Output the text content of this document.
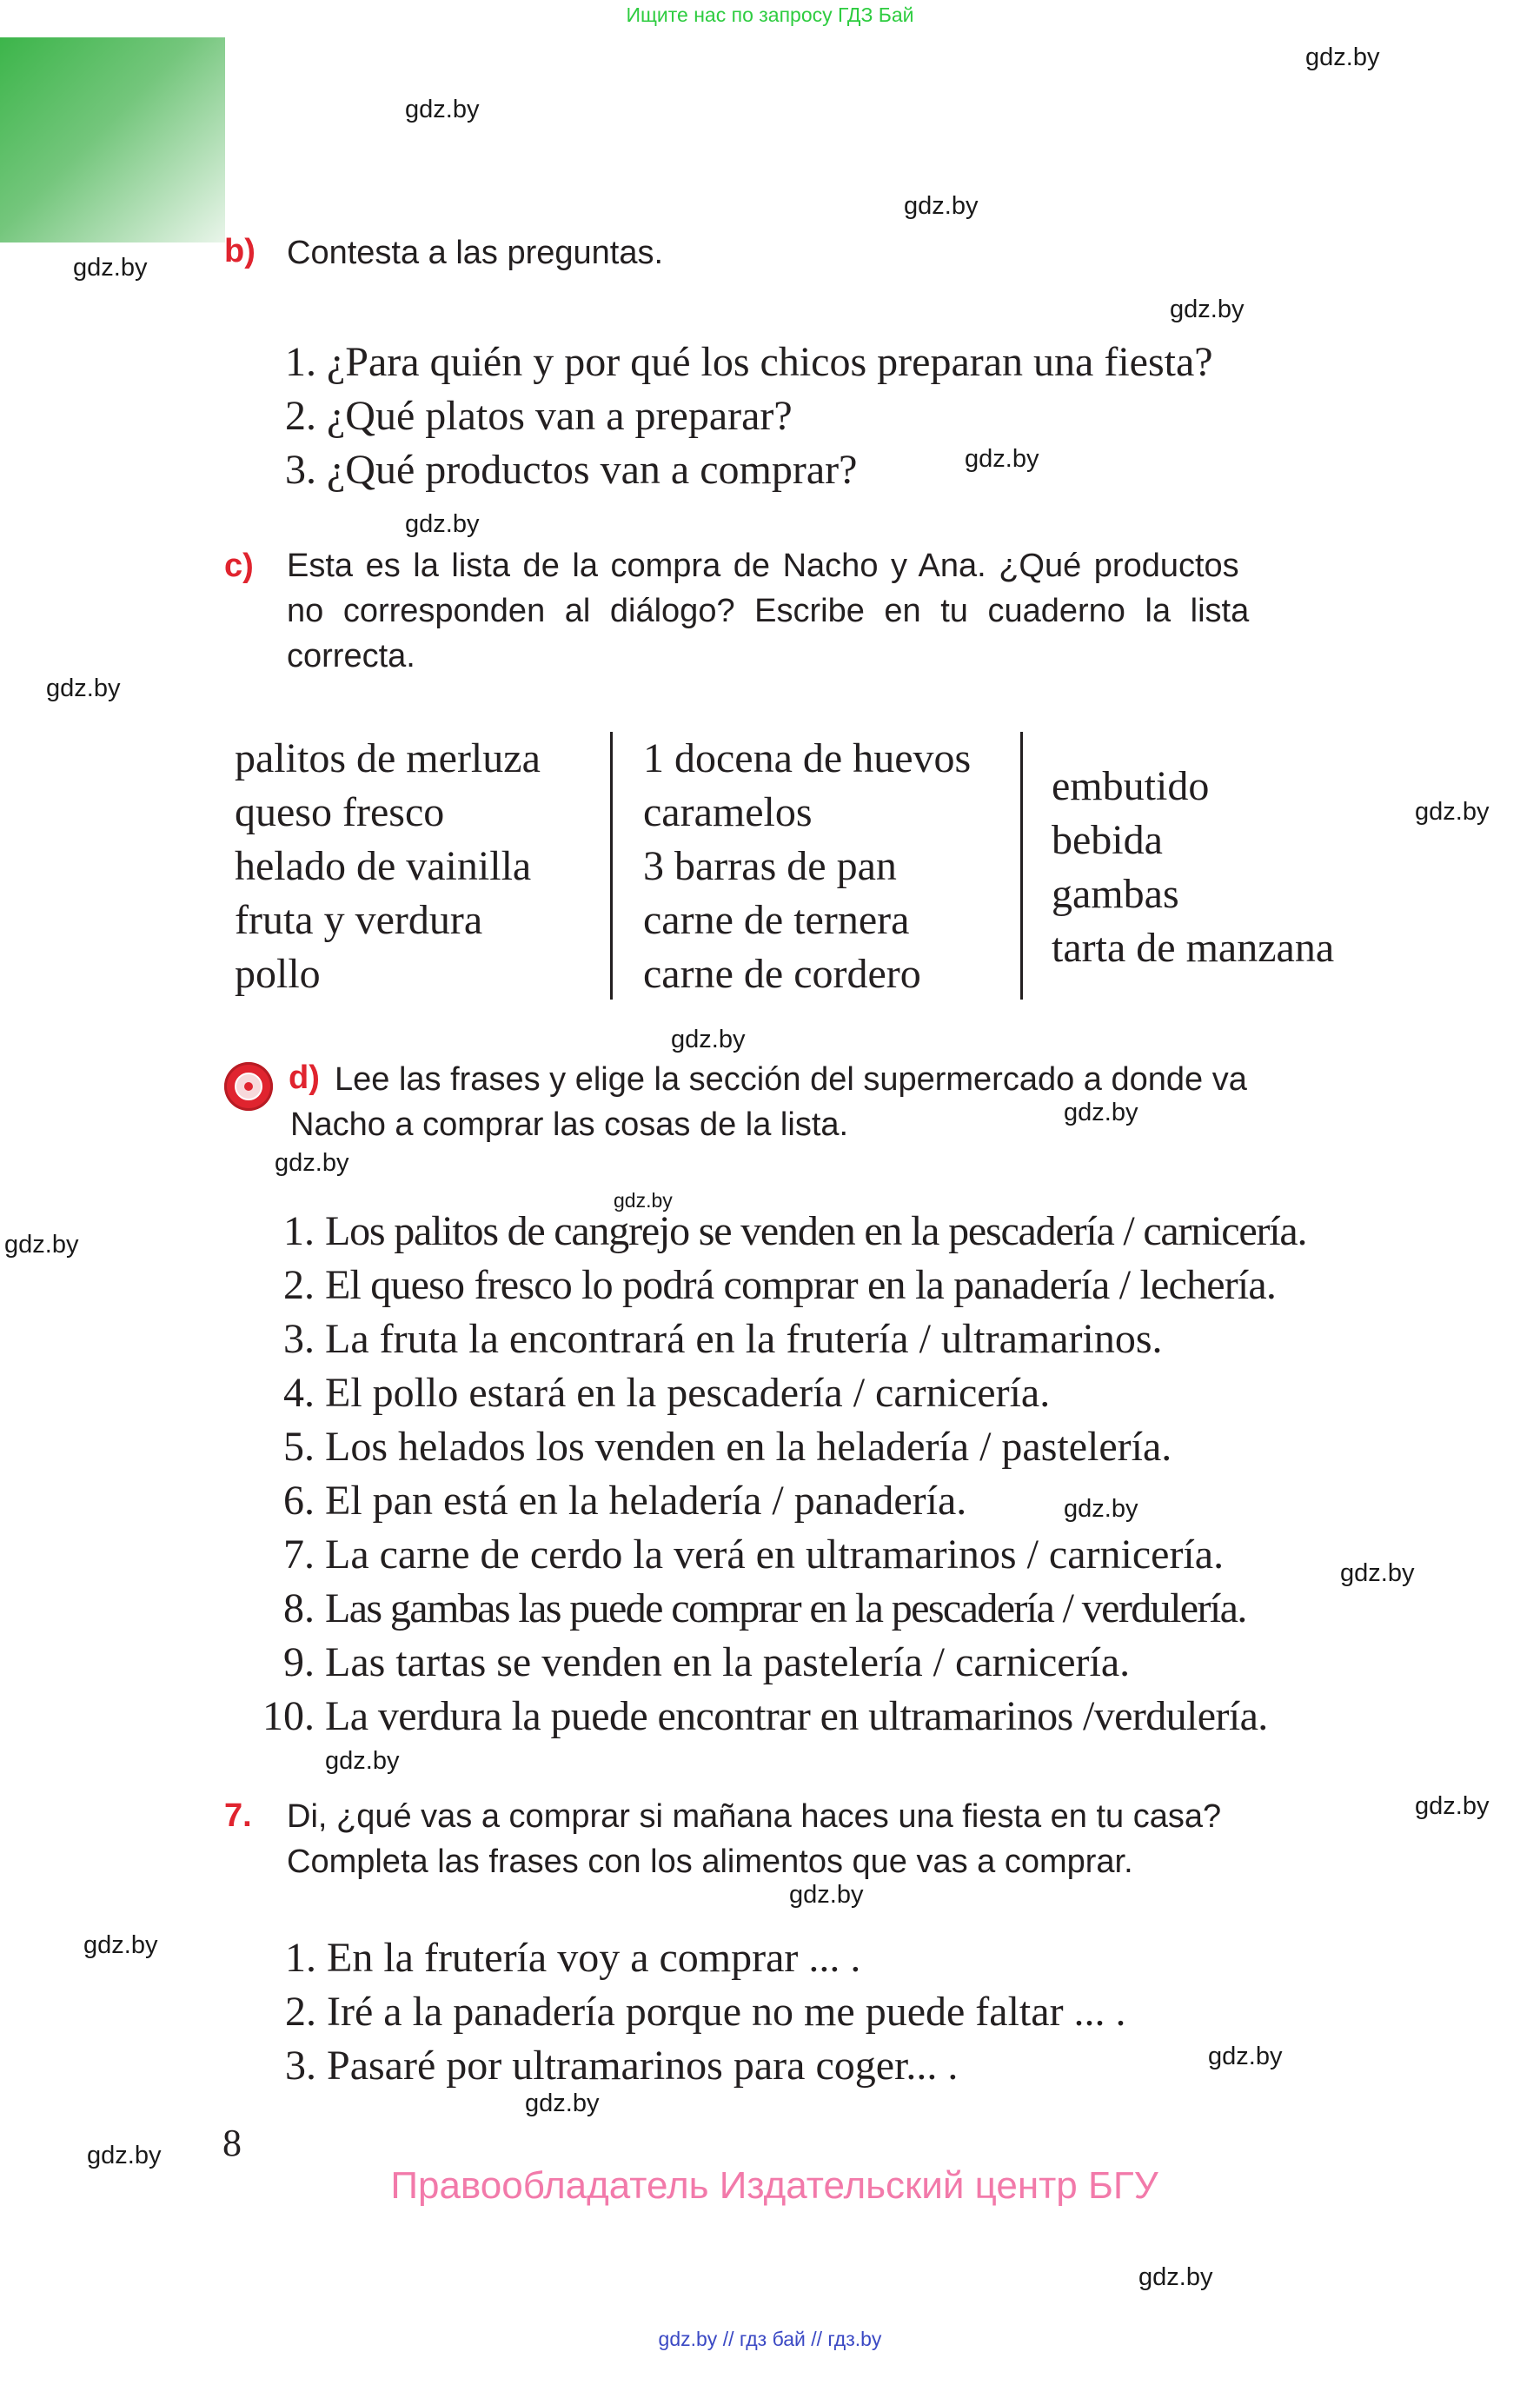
Ищите нас по запросу ГДЗ Бай
gdz.by
gdz.by
gdz.by
gdz.by
gdz.by
gdz.by
gdz.by
gdz.by
gdz.by
gdz.by
gdz.by
gdz.by
gdz.by
gdz.by
gdz.by
gdz.by
gdz.by
gdz.by
gdz.by
gdz.by
gdz.by
gdz.by
gdz.by
gdz.by
b) Contesta a las preguntas.
1. ¿Para quién y por qué los chicos preparan una fiesta?
2. ¿Qué platos van a preparar?
3. ¿Qué productos van a comprar?
c) Esta es la lista de la compra de Nacho y Ana. ¿Qué productos
no corresponden al diálogo? Escribe en tu cuaderno la lista
correcta.
palitos de merluza
queso fresco
helado de vainilla
fruta y verdura
pollo
1 docena de huevos
caramelos
3 barras de pan
carne de ternera
carne de cordero
embutido
bebida
gambas
tarta de manzana
d) Lee las frases y elige la sección del supermercado a donde va
Nacho a comprar las cosas de la lista.
1. Los palitos de cangrejo se venden en la pescadería / carnicería.
2. El queso fresco lo podrá comprar en la panadería / lechería.
3. La fruta la encontrará en la frutería / ultramarinos.
4. El pollo estará en la pescadería / carnicería.
5. Los helados los venden en la heladería / pastelería.
6. El pan está en la heladería / panadería.
7. La carne de cerdo la verá en ultramarinos / carnicería.
8. Las gambas las puede comprar en la pescadería / verdulería.
9. Las tartas se venden en la pastelería / carnicería.
10. La verdura la puede encontrar en ultramarinos /verdulería.
7. Di, ¿qué vas a comprar si mañana haces una fiesta en tu casa?
Completa las frases con los alimentos que vas a comprar.
1. En la frutería voy a comprar ... .
2. Iré a la panadería porque no me puede faltar ... .
3. Pasaré por ultramarinos para coger... .
8
Правообладатель Издательский центр БГУ
gdz.by // гдз бай // гдз.by
